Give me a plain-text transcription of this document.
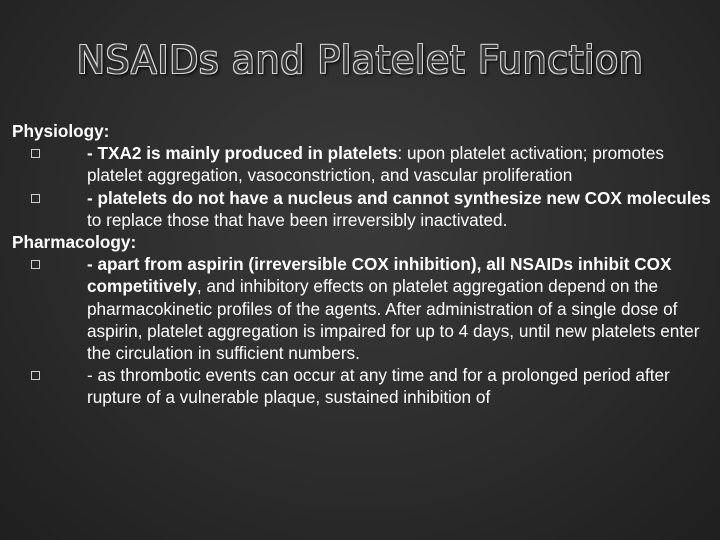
NSAIDs and Platelet Function

Physiology:

- TXA2 is mainly produced in platelets: upon platelet activation; promotes platelet aggregation, vasoconstriction, and vascular proliferation

- platelets do not have a nucleus and cannot synthesize new COX molecules to replace those that have been irreversibly inactivated.

Pharmacology:

- apart from aspirin (irreversible COX inhibition), all NSAIDs inhibit COX competitively, and inhibitory effects on platelet aggregation depend on the pharmacokinetic profiles of the agents. After administration of a single dose of aspirin, platelet aggregation is impaired for up to 4 days, until new platelets enter the circulation in sufficient numbers.

- as thrombotic events can occur at any time and for a prolonged period after rupture of a vulnerable plaque, sustained inhibition of
